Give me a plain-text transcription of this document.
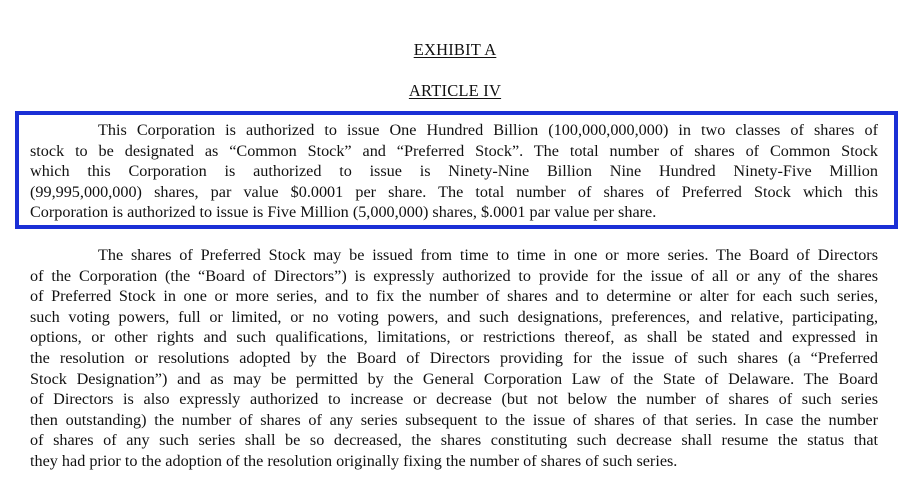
EXHIBIT A
ARTICLE IV
This Corporation is authorized to issue One Hundred Billion (100,000,000,000) in two classes of shares of
stock to be designated as “Common Stock” and “Preferred Stock”. The total number of shares of Common Stock
which this Corporation is authorized to issue is Ninety-Nine Billion Nine Hundred Ninety-Five Million
(99,995,000,000) shares, par value $0.0001 per share. The total number of shares of Preferred Stock which this
Corporation is authorized to issue is Five Million (5,000,000) shares, $.0001 par value per share.
The shares of Preferred Stock may be issued from time to time in one or more series. The Board of Directors
of the Corporation (the “Board of Directors”) is expressly authorized to provide for the issue of all or any of the shares
of Preferred Stock in one or more series, and to fix the number of shares and to determine or alter for each such series,
such voting powers, full or limited, or no voting powers, and such designations, preferences, and relative, participating,
options, or other rights and such qualifications, limitations, or restrictions thereof, as shall be stated and expressed in
the resolution or resolutions adopted by the Board of Directors providing for the issue of such shares (a “Preferred
Stock Designation”) and as may be permitted by the General Corporation Law of the State of Delaware. The Board
of Directors is also expressly authorized to increase or decrease (but not below the number of shares of such series
then outstanding) the number of shares of any series subsequent to the issue of shares of that series. In case the number
of shares of any such series shall be so decreased, the shares constituting such decrease shall resume the status that
they had prior to the adoption of the resolution originally fixing the number of shares of such series.
